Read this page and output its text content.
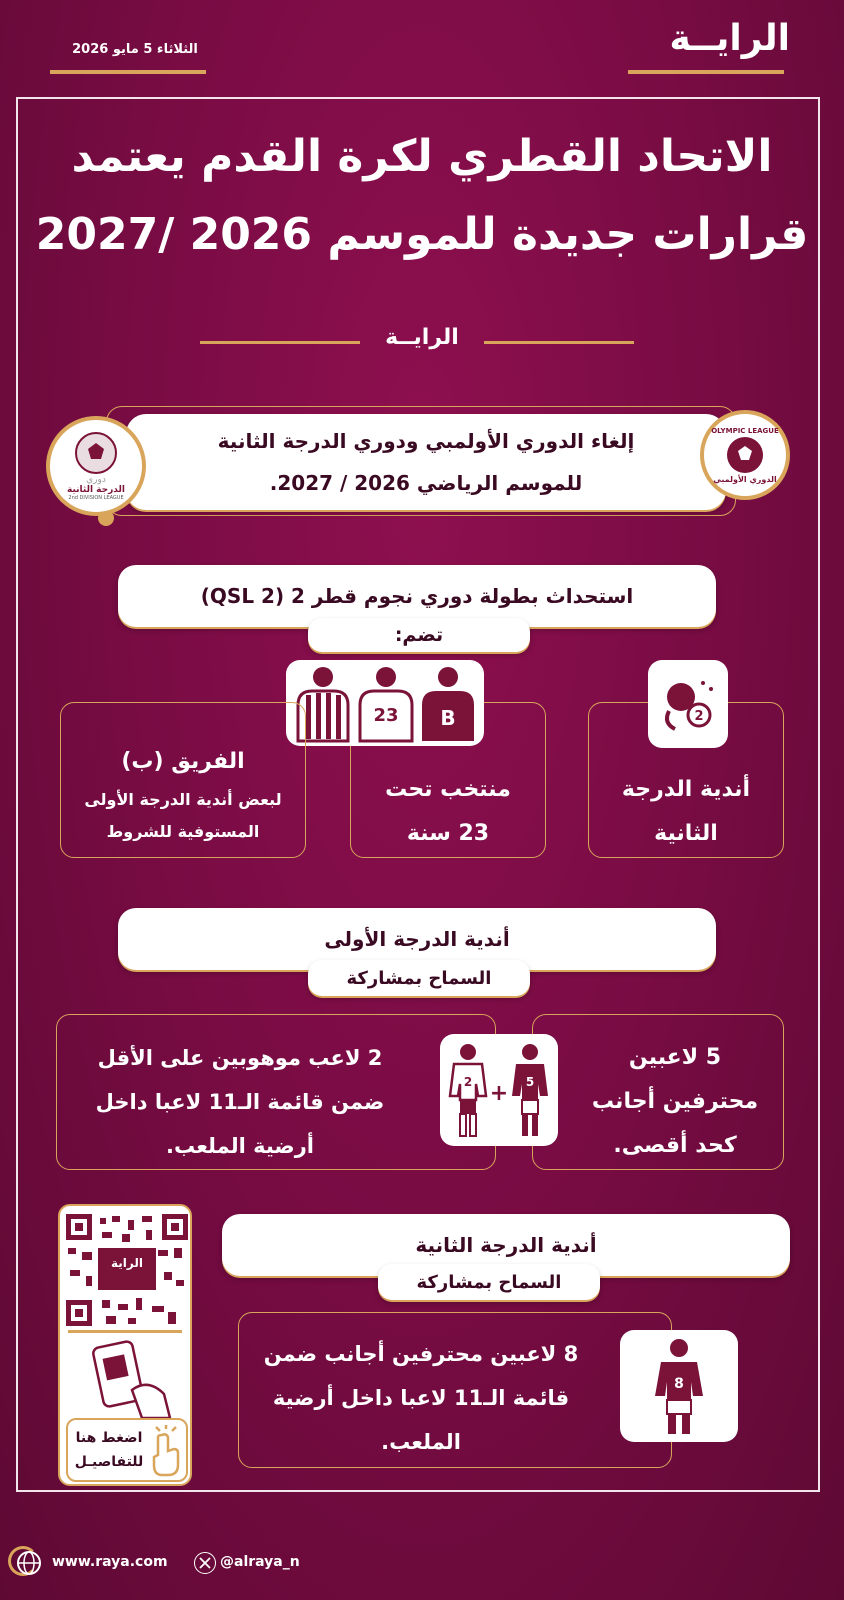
الرايــة
الثلاثاء 5 مايو 2026
الاتحاد القطري لكرة القدم يعتمد
قرارات جديدة للموسم 2026 /2027
الرايــة
إلغاء الدوري الأولمبي ودوري الدرجة الثانية للموسم الرياضي 2026 / 2027.
دوري
الدرجة الثانية
2nd DIVISION LEAGUE
OLYMPIC LEAGUE
الدوري الأولمبي
استحداث بطولة دوري نجوم قطر 2 (QSL 2)
تضم:
2
أندية الدرجة الثانية
منتخب تحت 23 سنة
23 B
الفريق (ب)
لبعض أندية الدرجة الأولى المستوفية للشروط
أندية الدرجة الأولى
السماح بمشاركة
5 لاعبين محترفين أجانب كحد أقصى.
2 لاعب موهوبين على الأقل ضمن قائمة الـ11 لاعبا داخل أرضية الملعب.
2 + 5
الراية
اضغط هنا
للتفاصيـل
أندية الدرجة الثانية
السماح بمشاركة
8 لاعبين محترفين أجانب ضمن قائمة الـ11 لاعبا داخل أرضية الملعب.
8
www.raya.com	@alraya_n
